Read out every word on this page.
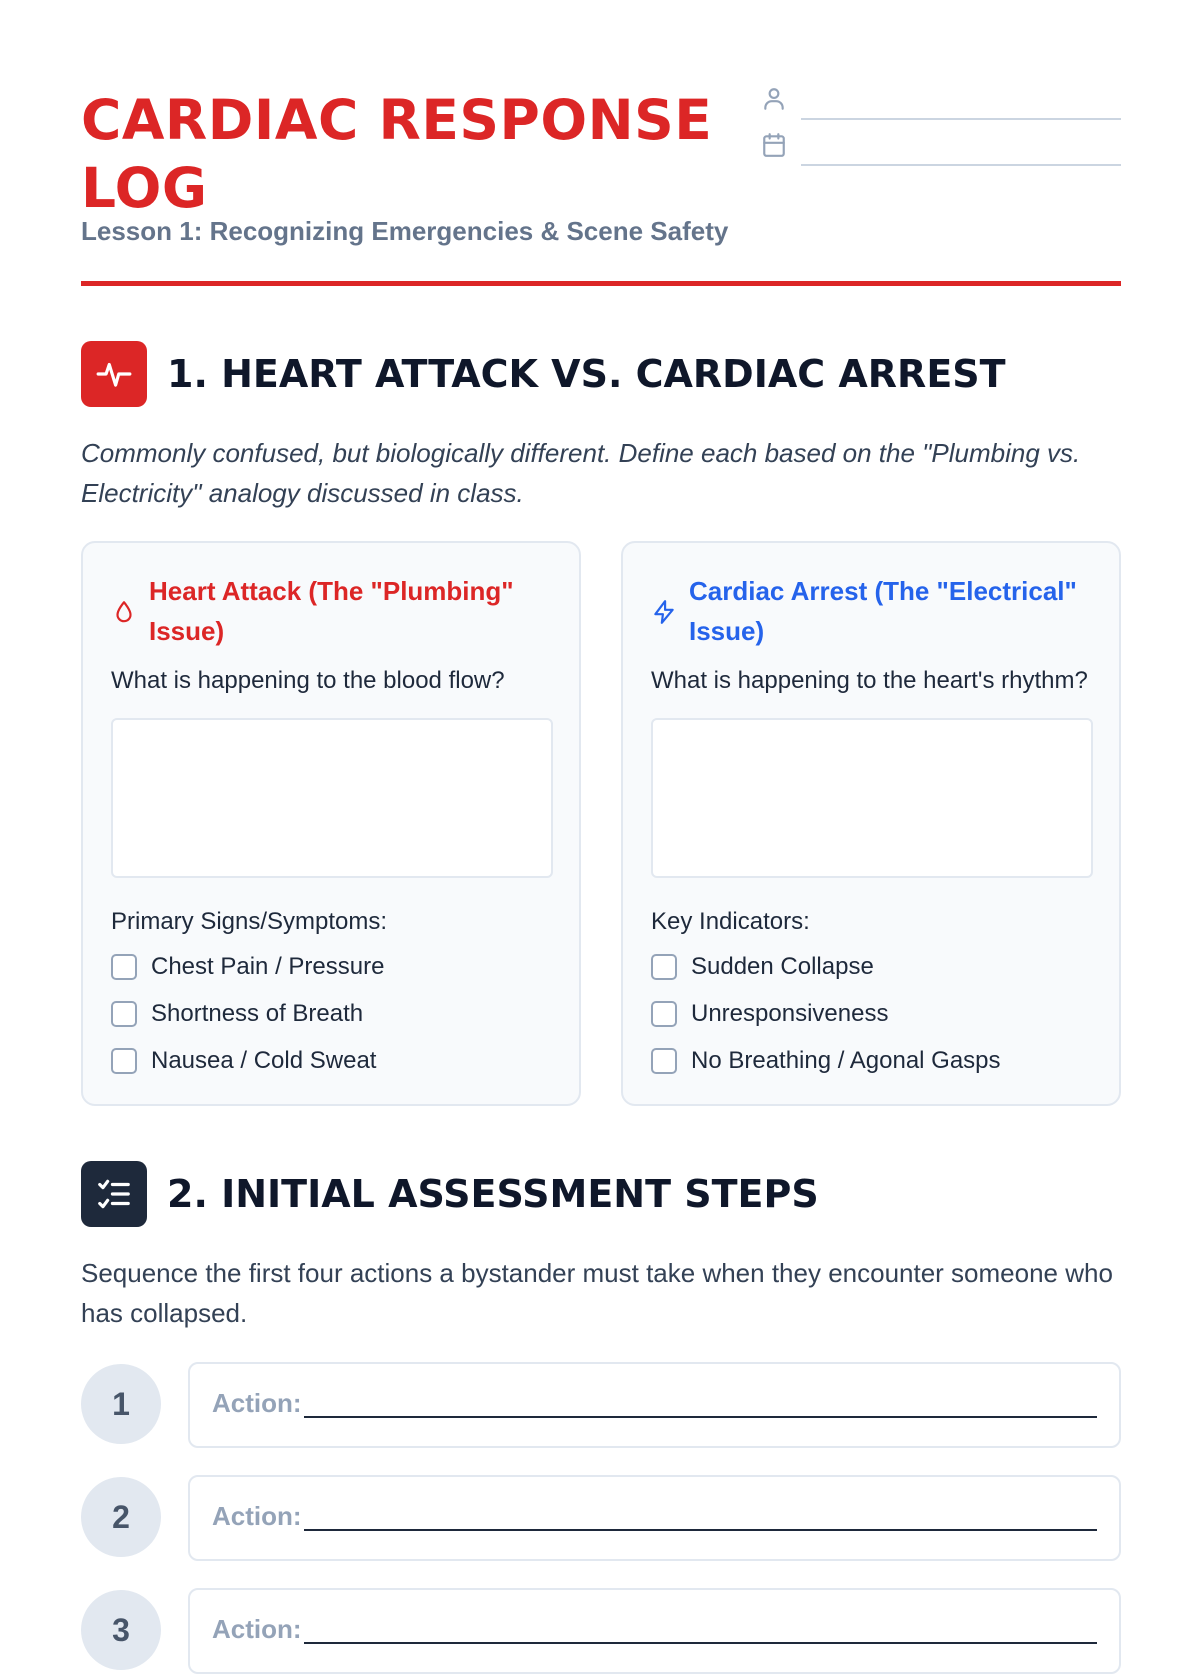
CARDIAC RESPONSE LOG
Lesson 1: Recognizing Emergencies & Scene Safety
1. HEART ATTACK VS. CARDIAC ARREST
Commonly confused, but biologically different. Define each based on the "Plumbing vs. Electricity" analogy discussed in class.
Heart Attack (The "Plumbing" Issue)
What is happening to the blood flow?
Primary Signs/Symptoms:
Chest Pain / Pressure
Shortness of Breath
Nausea / Cold Sweat
Cardiac Arrest (The "Electrical" Issue)
What is happening to the heart's rhythm?
Key Indicators:
Sudden Collapse
Unresponsiveness
No Breathing / Agonal Gasps
2. INITIAL ASSESSMENT STEPS
Sequence the first four actions a bystander must take when they encounter someone who has collapsed.
1	Action:
2	Action:
3	Action:
